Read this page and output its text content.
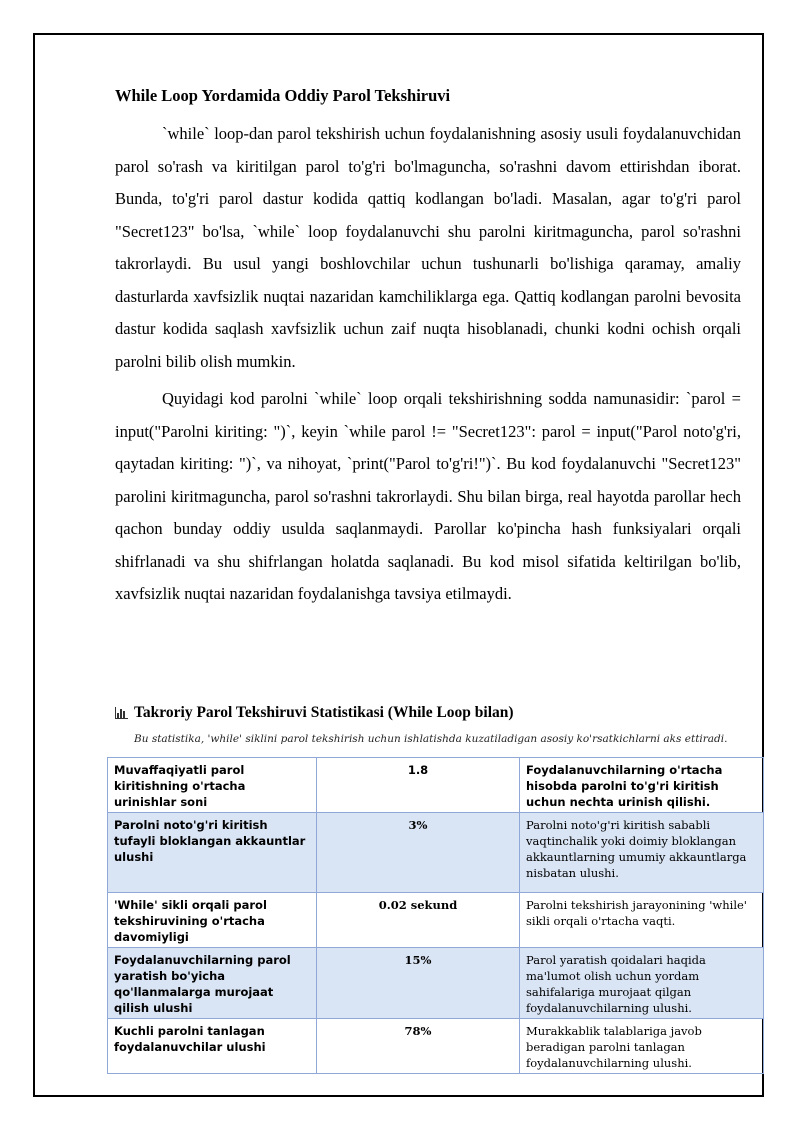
While Loop Yordamida Oddiy Parol Tekshiruvi

`while` loop-dan parol tekshirish uchun foydalanishning asosiy usuli foydalanuvchidan parol so'rash va kiritilgan parol to'g'ri bo'lmaguncha, so'rashni davom ettirishdan iborat. Bunda, to'g'ri parol dastur kodida qattiq kodlangan bo'ladi. Masalan, agar to'g'ri parol "Secret123" bo'lsa, `while` loop foydalanuvchi shu parolni kiritmaguncha, parol so'rashni takrorlaydi. Bu usul yangi boshlovchilar uchun tushunarli bo'lishiga qaramay, amaliy dasturlarda xavfsizlik nuqtai nazaridan kamchiliklarga ega. Qattiq kodlangan parolni bevosita dastur kodida saqlash xavfsizlik uchun zaif nuqta hisoblanadi, chunki kodni ochish orqali parolni bilib olish mumkin.

Quyidagi kod parolni `while` loop orqali tekshirishning sodda namunasidir: `parol = input("Parolni kiriting: ")`, keyin `while parol != "Secret123": parol = input("Parol noto'g'ri, qaytadan kiriting: ")`, va nihoyat, `print("Parol to'g'ri!")`. Bu kod foydalanuvchi "Secret123" parolini kiritmaguncha, parol so'rashni takrorlaydi. Shu bilan birga, real hayotda parollar hech qachon bunday oddiy usulda saqlanmaydi. Parollar ko'pincha hash funksiyalari orqali shifrlanadi va shu shifrlangan holatda saqlanadi. Bu kod misol sifatida keltirilgan bo'lib, xavfsizlik nuqtai nazaridan foydalanishga tavsiya etilmaydi.

Takroriy Parol Tekshiruvi Statistikasi (While Loop bilan)
Bu statistika, 'while' siklini parol tekshirish uchun ishlatishda kuzatiladigan asosiy ko'rsatkichlarni aks ettiradi.
Muvaffaqiyatli parol kiritishning o'rtacha urinishlar soni	1.8	Foydalanuvchilarning o'rtacha hisobda parolni to'g'ri kiritish uchun nechta urinish qilishi.
Parolni noto'g'ri kiritish tufayli bloklangan akkauntlar ulushi	3%	Parolni noto'g'ri kiritish sababli vaqtinchalik yoki doimiy bloklangan akkauntlarning umumiy akkauntlarga nisbatan ulushi.
'While' sikli orqali parol tekshiruvining o'rtacha davomiyligi	0.02 sekund	Parolni tekshirish jarayonining 'while' sikli orqali o'rtacha vaqti.
Foydalanuvchilarning parol yaratish bo'yicha qo'llanmalarga murojaat qilish ulushi	15%	Parol yaratish qoidalari haqida ma'lumot olish uchun yordam sahifalariga murojaat qilgan foydalanuvchilarning ulushi.
Kuchli parolni tanlagan foydalanuvchilar ulushi	78%	Murakkablik talablariga javob beradigan parolni tanlagan foydalanuvchilarning ulushi.
